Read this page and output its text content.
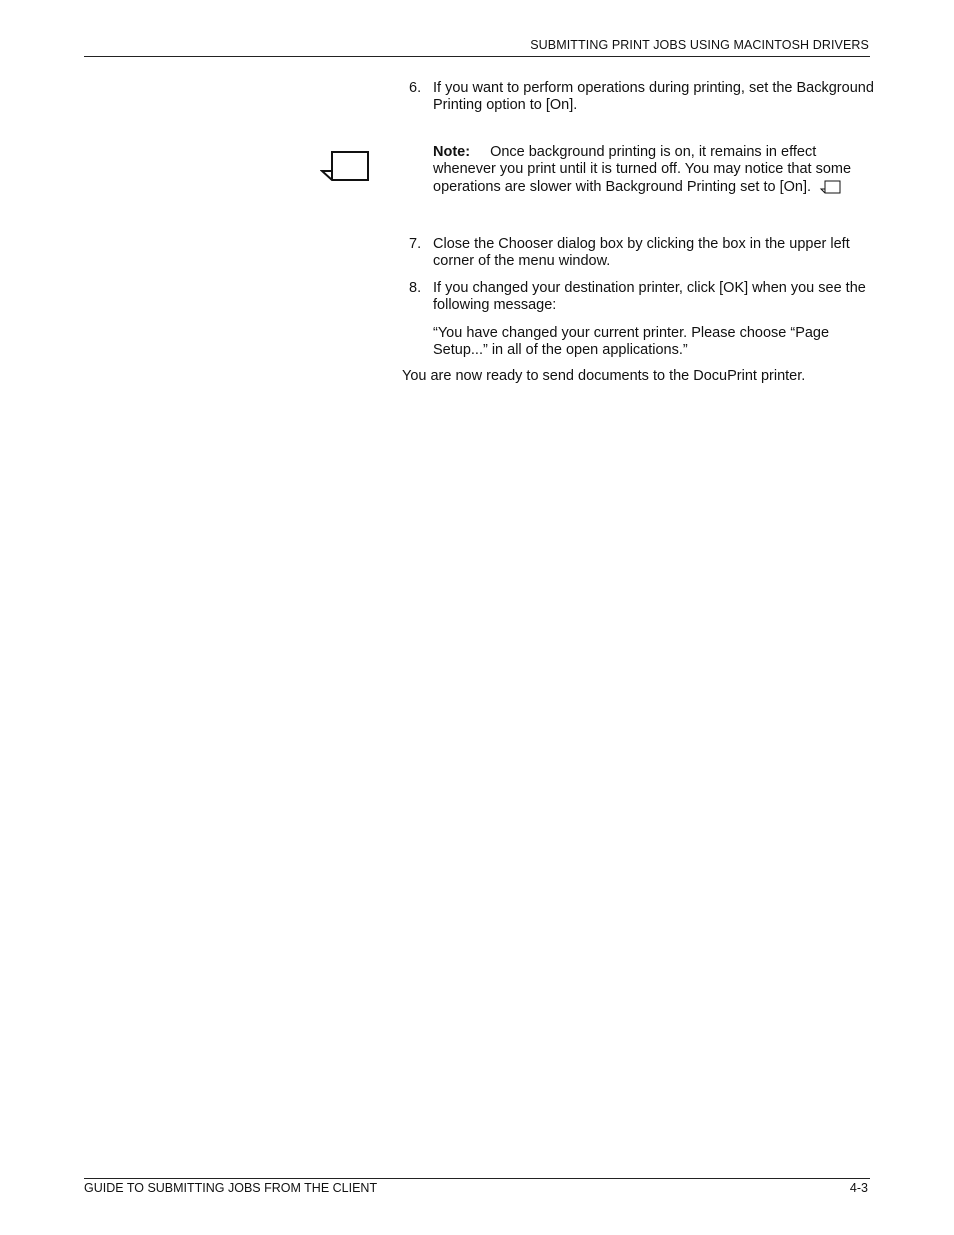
SUBMITTING PRINT JOBS USING MACINTOSH DRIVERS
6. If you want to perform operations during printing, set the Background Printing option to [On].

Note: Once background printing is on, it remains in effect whenever you print until it is turned off. You may notice that some operations are slower with Background Printing set to [On].
7. Close the Chooser dialog box by clicking the box in the upper left corner of the menu window.

8. If you changed your destination printer, click [OK] when you see the following message:

“You have changed your current printer. Please choose “Page Setup...” in all of the open applications.”

You are now ready to send documents to the DocuPrint printer.
GUIDE TO SUBMITTING JOBS FROM THE CLIENT	4-3
